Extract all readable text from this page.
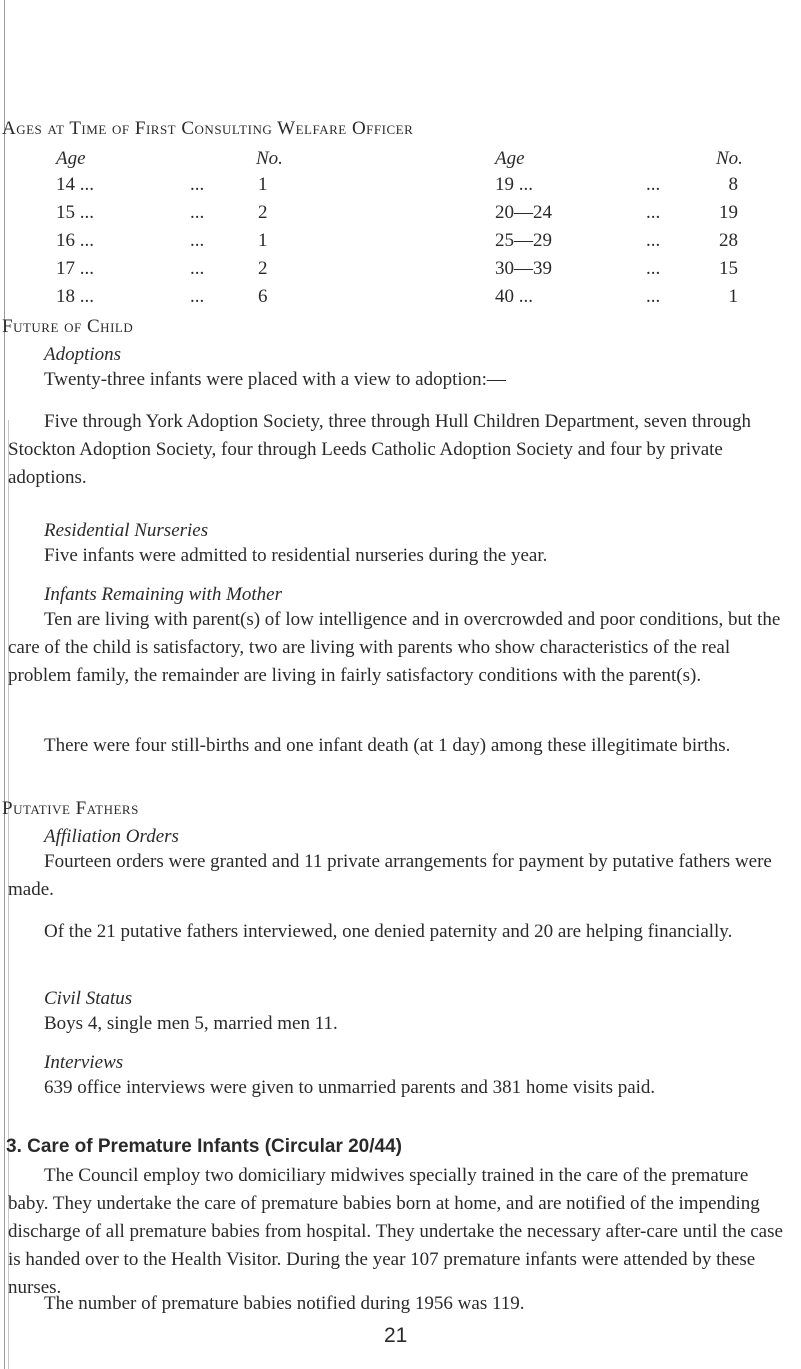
Ages at Time of First Consulting Welfare Officer
Age	No.	Age	No.
14 ...	...	1
15 ...	...	2
16 ...	...	1
17 ...	...	2
18 ...	...	6
19 ...	...	8
20—24	...	19
25—29	...	28
30—39	...	15
40 ...	...	1
Future of Child
Adoptions
Twenty-three infants were placed with a view to adoption:—
Five through York Adoption Society, three through Hull Children Department, seven through Stockton Adoption Society, four through Leeds Catholic Adoption Society and four by private adoptions.
Residential Nurseries
Five infants were admitted to residential nurseries during the year.
Infants Remaining with Mother
Ten are living with parent(s) of low intelligence and in overcrowded and poor conditions, but the care of the child is satisfactory, two are living with parents who show characteristics of the real problem family, the remainder are living in fairly satisfactory conditions with the parent(s).
There were four still-births and one infant death (at 1 day) among these illegitimate births.
Putative Fathers
Affiliation Orders
Fourteen orders were granted and 11 private arrangements for payment by putative fathers were made.
Of the 21 putative fathers interviewed, one denied paternity and 20 are helping financially.
Civil Status
Boys 4, single men 5, married men 11.
Interviews
639 office interviews were given to unmarried parents and 381 home visits paid.
3. Care of Premature Infants (Circular 20/44)
The Council employ two domiciliary midwives specially trained in the care of the premature baby. They undertake the care of premature babies born at home, and are notified of the impending discharge of all premature babies from hospital. They undertake the necessary after-care until the case is handed over to the Health Visitor. During the year 107 premature infants were attended by these nurses.
The number of premature babies notified during 1956 was 119.
21
